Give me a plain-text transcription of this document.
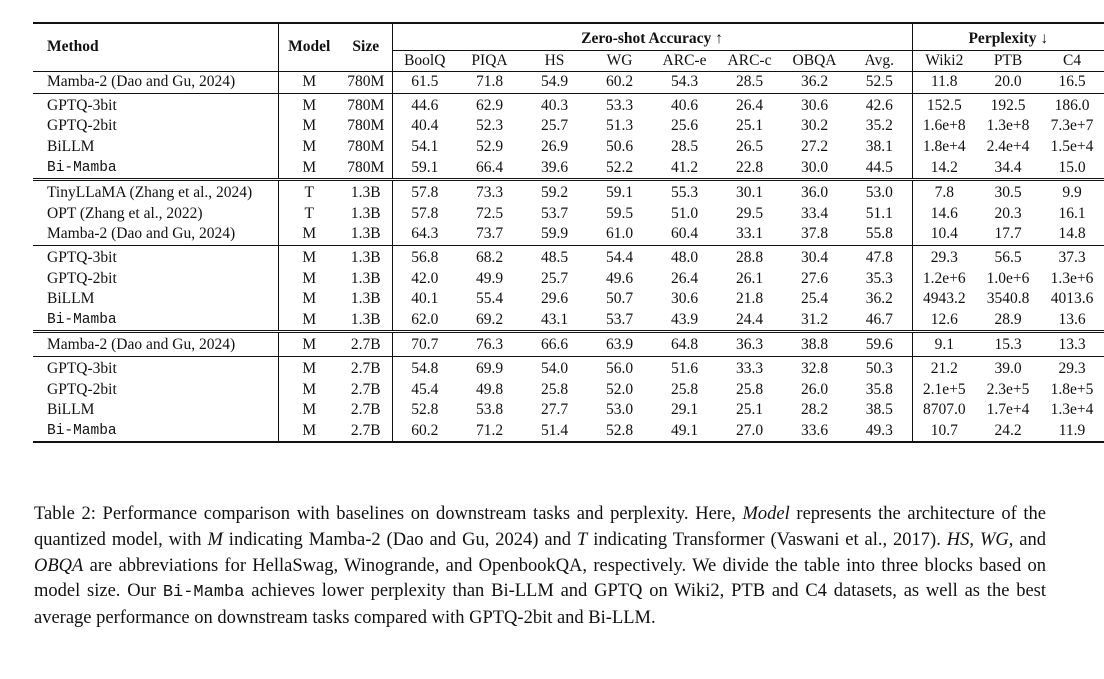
Method	Model	Size	Zero-shot Accuracy ↑								Perplexity ↓		
			BoolQ	PIQA	HS	WG	ARC-e	ARC-c	OBQA	Avg.	Wiki2	PTB	C4
Mamba-2 (Dao and Gu, 2024)	M	780M	61.5	71.8	54.9	60.2	54.3	28.5	36.2	52.5	11.8	20.0	16.5
GPTQ-3bit	M	780M	44.6	62.9	40.3	53.3	40.6	26.4	30.6	42.6	152.5	192.5	186.0
GPTQ-2bit	M	780M	40.4	52.3	25.7	51.3	25.6	25.1	30.2	35.2	1.6e+8	1.3e+8	7.3e+7
BiLLM	M	780M	54.1	52.9	26.9	50.6	28.5	26.5	27.2	38.1	1.8e+4	2.4e+4	1.5e+4
Bi-Mamba	M	780M	59.1	66.4	39.6	52.2	41.2	22.8	30.0	44.5	14.2	34.4	15.0
TinyLLaMA (Zhang et al., 2024)	T	1.3B	57.8	73.3	59.2	59.1	55.3	30.1	36.0	53.0	7.8	30.5	9.9
OPT (Zhang et al., 2022)	T	1.3B	57.8	72.5	53.7	59.5	51.0	29.5	33.4	51.1	14.6	20.3	16.1
Mamba-2 (Dao and Gu, 2024)	M	1.3B	64.3	73.7	59.9	61.0	60.4	33.1	37.8	55.8	10.4	17.7	14.8
GPTQ-3bit	M	1.3B	56.8	68.2	48.5	54.4	48.0	28.8	30.4	47.8	29.3	56.5	37.3
GPTQ-2bit	M	1.3B	42.0	49.9	25.7	49.6	26.4	26.1	27.6	35.3	1.2e+6	1.0e+6	1.3e+6
BiLLM	M	1.3B	40.1	55.4	29.6	50.7	30.6	21.8	25.4	36.2	4943.2	3540.8	4013.6
Bi-Mamba	M	1.3B	62.0	69.2	43.1	53.7	43.9	24.4	31.2	46.7	12.6	28.9	13.6
Mamba-2 (Dao and Gu, 2024)	M	2.7B	70.7	76.3	66.6	63.9	64.8	36.3	38.8	59.6	9.1	15.3	13.3
GPTQ-3bit	M	2.7B	54.8	69.9	54.0	56.0	51.6	33.3	32.8	50.3	21.2	39.0	29.3
GPTQ-2bit	M	2.7B	45.4	49.8	25.8	52.0	25.8	25.8	26.0	35.8	2.1e+5	2.3e+5	1.8e+5
BiLLM	M	2.7B	52.8	53.8	27.7	53.0	29.1	25.1	28.2	38.5	8707.0	1.7e+4	1.3e+4
Bi-Mamba	M	2.7B	60.2	71.2	51.4	52.8	49.1	27.0	33.6	49.3	10.7	24.2	11.9
Table 2: Performance comparison with baselines on downstream tasks and perplexity. Here, Model represents the architecture of the quantized model, with M indicating Mamba-2 (Dao and Gu, 2024) and T indicating Transformer (Vaswani et al., 2017). HS, WG, and OBQA are abbreviations for HellaSwag, Winogrande, and OpenbookQA, respectively. We divide the table into three blocks based on model size. Our Bi-Mamba achieves lower perplexity than Bi-LLM and GPTQ on Wiki2, PTB and C4 datasets, as well as the best average performance on downstream tasks compared with GPTQ-2bit and Bi-LLM.
